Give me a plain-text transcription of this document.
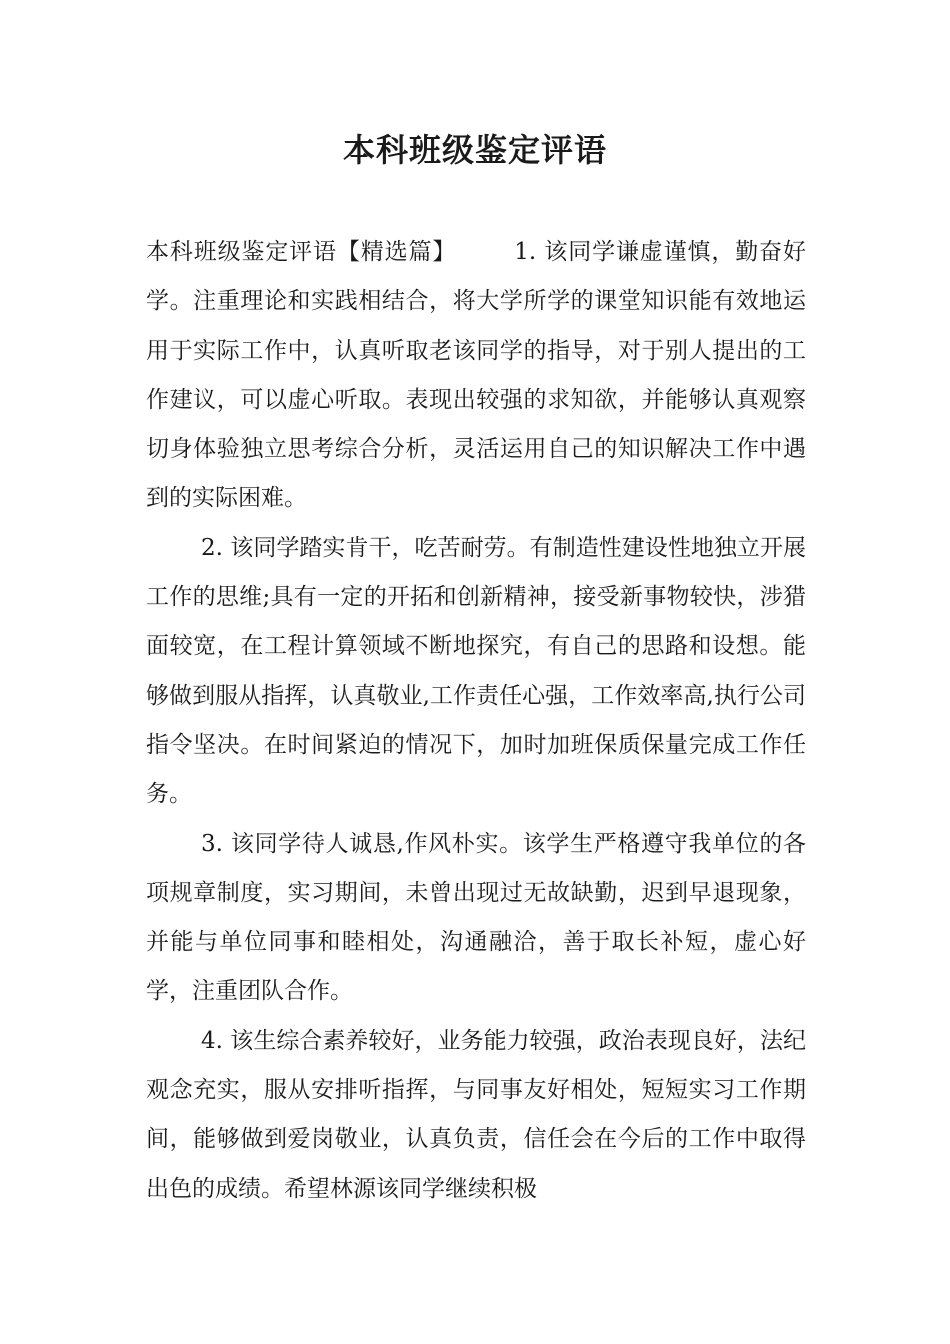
本科班级鉴定评语

本科班级鉴定评语【精选篇】	1. 该同学谦虚谨慎，勤奋好学。注重理论和实践相结合，将大学所学的课堂知识能有效地运用于实际工作中，认真听取老该同学的指导，对于别人提出的工作建议，可以虚心听取。表现出较强的求知欲，并能够认真观察切身体验独立思考综合分析，灵活运用自己的知识解决工作中遇到的实际困难。

2. 该同学踏实肯干，吃苦耐劳。有制造性建设性地独立开展工作的思维;具有一定的开拓和创新精神，接受新事物较快，涉猎面较宽，在工程计算领域不断地探究，有自己的思路和设想。能够做到服从指挥，认真敬业,工作责任心强，工作效率高,执行公司指令坚决。在时间紧迫的情况下，加时加班保质保量完成工作任务。

3. 该同学待人诚恳,作风朴实。该学生严格遵守我单位的各项规章制度，实习期间，未曾出现过无故缺勤，迟到早退现象，并能与单位同事和睦相处，沟通融洽，善于取长补短，虚心好学，注重团队合作。

4. 该生综合素养较好，业务能力较强，政治表现良好，法纪观念充实，服从安排听指挥，与同事友好相处，短短实习工作期间，能够做到爱岗敬业，认真负责，信任会在今后的工作中取得出色的成绩。希望林源该同学继续积极
